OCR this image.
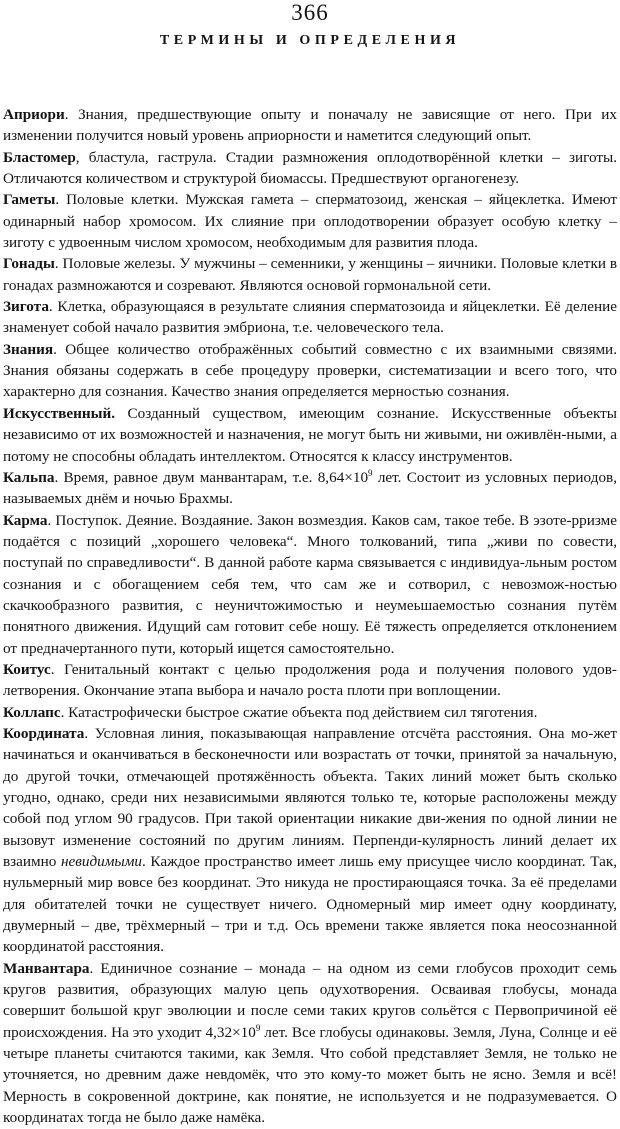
366
ТЕРМИНЫ И ОПРЕДЕЛЕНИЯ

Априори. Знания, предшествующие опыту и поначалу не зависящие от него. При их изменении получится новый уровень априорности и наметится следующий опыт.

Бластомер, бластула, гаструла. Стадии размножения оплодотворённой клетки – зиготы. Отличаются количеством и структурой биомассы. Предшествуют органогенезу.

Гаметы. Половые клетки. Мужская гамета – сперматозоид, женская – яйцеклетка. Имеют одинарный набор хромосом. Их слияние при оплодотворении образует особую клетку – зиготу с удвоенным числом хромосом, необходимым для развития плода.

Гонады. Половые железы. У мужчины – семенники, у женщины – яичники. Половые клетки в гонадах размножаются и созревают. Являются основой гормональной сети.

Зигота. Клетка, образующаяся в результате слияния сперматозоида и яйцеклетки. Её деление знаменует собой начало развития эмбриона, т.е. человеческого тела.

Знания. Общее количество отображённых событий совместно с их взаимными связями. Знания обязаны содержать в себе процедуру проверки, систематизации и всего того, что характерно для сознания. Качество знания определяется мерностью сознания.

Искусственный. Созданный существом, имеющим сознание. Искусственные объекты независимо от их возможностей и назначения, не могут быть ни живыми, ни оживлён-ными, а потому не способны обладать интеллектом. Относятся к классу инструментов.

Кальпа. Время, равное двум манвантарам, т.е. $8,64\times 10^9$ лет. Состоит из условных периодов, называемых днём и ночью Брахмы.

Карма. Поступок. Деяние. Воздаяние. Закон возмездия. Каков сам, такое тебе. В эзоте-рризме подаётся с позиций „хорошего человека“. Много толкований, типа „живи по совести, поступай по справедливости“. В данной работе карма связывается с индивидуа-льным ростом сознания и с обогащением себя тем, что сам же и сотворил, с невозмож-ностью скачкообразного развития, с неуничтожимостью и неумеьшаемостью сознания путём понятного движения. Идущий сам готовит себе ношу. Её тяжесть определяется отклонением от предначертанного пути, который ищется самостоятельно.

Коитус. Генитальный контакт с целью продолжения рода и получения полового удов-летворения. Окончание этапа выбора и начало роста плоти при воплощении.

Коллапс. Катастрофически быстрое сжатие объекта под действием сил тяготения.

Координата. Условная линия, показывающая направление отсчёта расстояния. Она мо-жет начинаться и оканчиваться в бесконечности или возрастать от точки, принятой за начальную, до другой точки, отмечающей протяжённость объекта. Таких линий может быть сколько угодно, однако, среди них независимыми являются только те, которые расположены между собой под углом 90 градусов. При такой ориентации никакие дви-жения по одной линии не вызовут изменение состояний по другим линиям. Перпенди-кулярность линий делает их взаимно невидимыми. Каждое пространство имеет лишь ему присущее число координат. Так, нульмерный мир вовсе без координат. Это никуда не простирающаяся точка. За её пределами для обитателей точки не существует ничего. Одномерный мир имеет одну координату, двумерный – две, трёхмерный – три и т.д. Ось времени также является пока неосознанной координатой расстояния.

Манвантара. Единичное сознание – монада – на одном из семи глобусов проходит семь кругов развития, образующих малую цепь одухотворения. Осваивая глобусы, монада совершит большой круг эволюции и после семи таких кругов сольётся с Первопричиной её происхождения. На это уходит $4,32\times 10^9$ лет. Все глобусы одинаковы. Земля, Луна, Солнце и её четыре планеты считаются такими, как Земля. Что собой представляет Земля, не только не уточняется, но древним даже невдомёк, что это кому-то может быть не ясно. Земля и всё! Мерность в сокровенной доктрине, как понятие, не используется и не подразумевается. О координатах тогда не было даже намёка.
